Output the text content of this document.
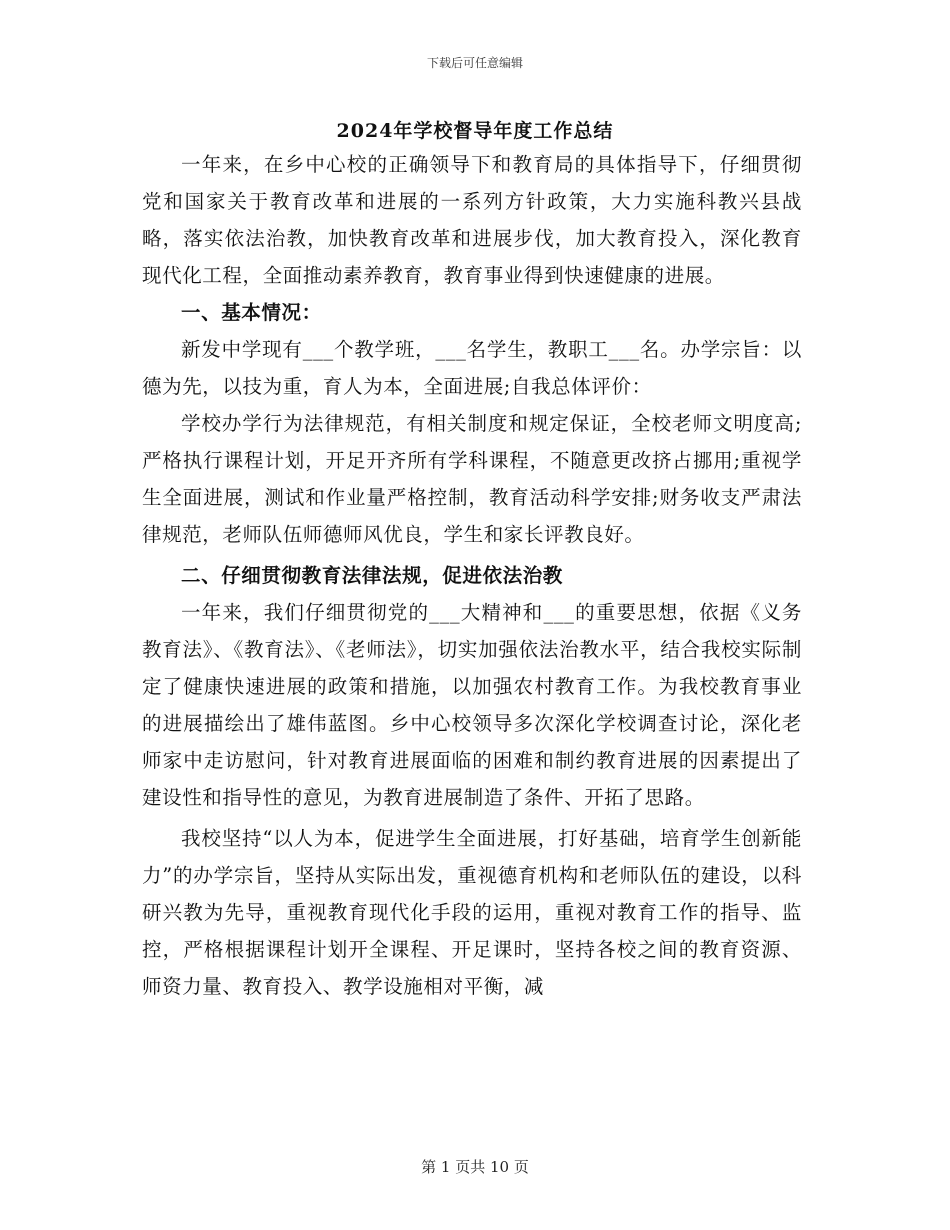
下载后可任意编辑
2024年学校督导年度工作总结

一年来，在乡中心校的正确领导下和教育局的具体指导下，仔细贯彻党和国家关于教育改革和进展的一系列方针政策，大力实施科教兴县战略，落实依法治教，加快教育改革和进展步伐，加大教育投入，深化教育现代化工程，全面推动素养教育，教育事业得到快速健康的进展。

一、基本情况：

新发中学现有___个教学班，___名学生，教职工___名。办学宗旨：以德为先，以技为重，育人为本，全面进展;自我总体评价：

学校办学行为法律规范，有相关制度和规定保证，全校老师文明度高;严格执行课程计划，开足开齐所有学科课程，不随意更改挤占挪用;重视学生全面进展，测试和作业量严格控制，教育活动科学安排;财务收支严肃法律规范，老师队伍师德师风优良，学生和家长评教良好。

二、仔细贯彻教育法律法规，促进依法治教

一年来，我们仔细贯彻党的___大精神和___的重要思想，依据《义务教育法》、《教育法》、《老师法》，切实加强依法治教水平，结合我校实际制定了健康快速进展的政策和措施，以加强农村教育工作。为我校教育事业的进展描绘出了雄伟蓝图。乡中心校领导多次深化学校调查讨论，深化老师家中走访慰问，针对教育进展面临的困难和制约教育进展的因素提出了建设性和指导性的意见，为教育进展制造了条件、开拓了思路。

我校坚持“以人为本，促进学生全面进展，打好基础，培育学生创新能力”的办学宗旨，坚持从实际出发，重视德育机构和老师队伍的建设，以科研兴教为先导，重视教育现代化手段的运用，重视对教育工作的指导、监控，严格根据课程计划开全课程、开足课时，坚持各校之间的教育资源、师资力量、教育投入、教学设施相对平衡，减

第 1 页共 10 页
